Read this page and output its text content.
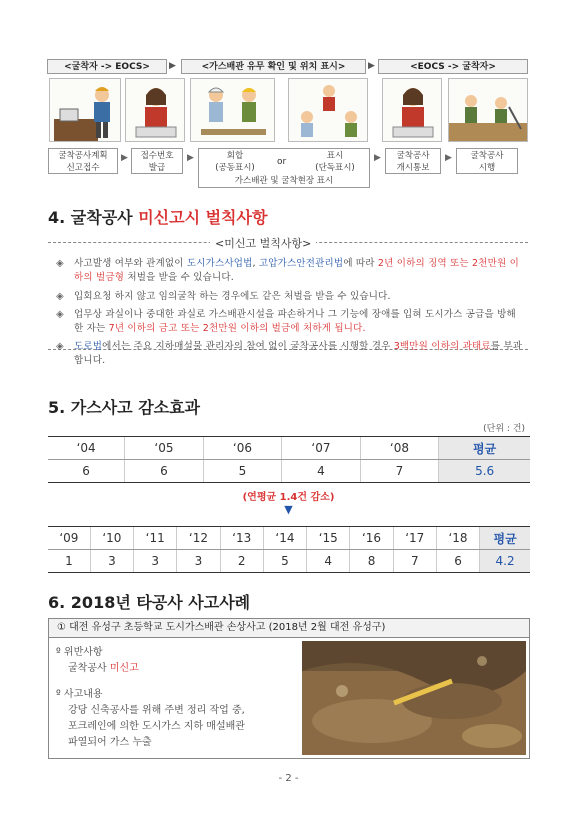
<굴착자 -> EOCS>	▶	<가스배관 유무 확인 및 위치 표시>	▶	<EOCS -> 굴착자>
굴착공사계획
신고접수
▶	접수번호
발급
▶	회합
(공동표시)
or
표시
(단독표시)
가스배관 및 굴착현장 표시
▶	굴착공사
개시통보
▶	굴착공사
시행
4. 굴착공사 미신고시 벌칙사항
<미신고 벌칙사항>
◈ 사고발생 여부와 관계없이 도시가스사업법, 고압가스안전관리법에 따라 2년 이하의 징역 또는 2천만원 이하의 벌금형 처벌을 받을 수 있습니다.
◈ 입회요청 하지 않고 임의굴착 하는 경우에도 같은 처벌을 받을 수 있습니다.
◈ 업무상 과실이나 중대한 과실로 가스배관시설을 파손하거나 그 기능에 장애를 입혀 도시가스 공급을 방해한 자는 7년 이하의 금고 또는 2천만원 이하의 벌금에 처하게 됩니다.
◈ 도로법에서는 주요 지하매설물 관리자의 참여 없이 굴착공사를 시행할 경우 3백만원 이하의 과태료를 부과합니다.
5. 가스사고 감소효과
(단위 : 건)
‘04	‘05	‘06	‘07	‘08	평균
6	6	5	4	7	5.6
(연평균 1.4건 감소)
▼
‘09	‘10	‘11	‘12	‘13	‘14	‘15	‘16	‘17	‘18	평균
1	3	3	3	2	5	4	8	7	6	4.2
6. 2018년 타공사 사고사례
① 대전 유성구 초등학교 도시가스배관 손상사고 (2018년 2월 대전 유성구)
º 위반사항
굴착공사 미신고
º 사고내용
강당 신축공사를 위해 주변 정리 작업 중,
포크레인에 의한 도시가스 지하 매설배관
파열되어 가스 누출
- 2 -
